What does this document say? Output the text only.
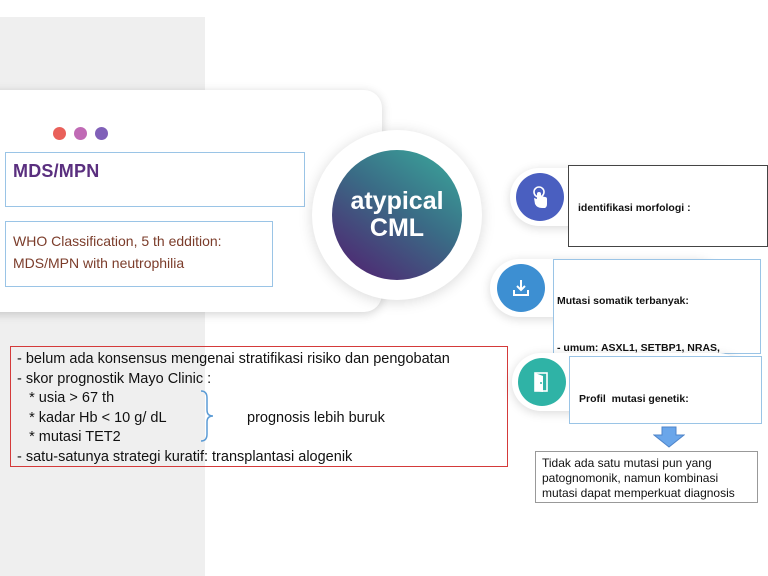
MDS/MPN
WHO Classification, 5 th eddition:
MDS/MPN with neutrophilia
atypical
CML
- belum ada konsensus mengenai stratifikasi risiko dan pengobatan
- skor prognostik Mayo Clinic :
* usia > 67 th
* kadar Hb < 10 g/ dL
* mutasi TET2
- satu-satunya strategi kuratif: transplantasi alogenik
prognosis lebih buruk

identifikasi morfologi :

Mutasi somatik terbanyak:

- umum: ASXL1, SETBP1, NRAS,

Profil  mutasi genetik:

Tidak ada satu mutasi pun yang
patognomonik, namun kombinasi
mutasi dapat memperkuat diagnosis
